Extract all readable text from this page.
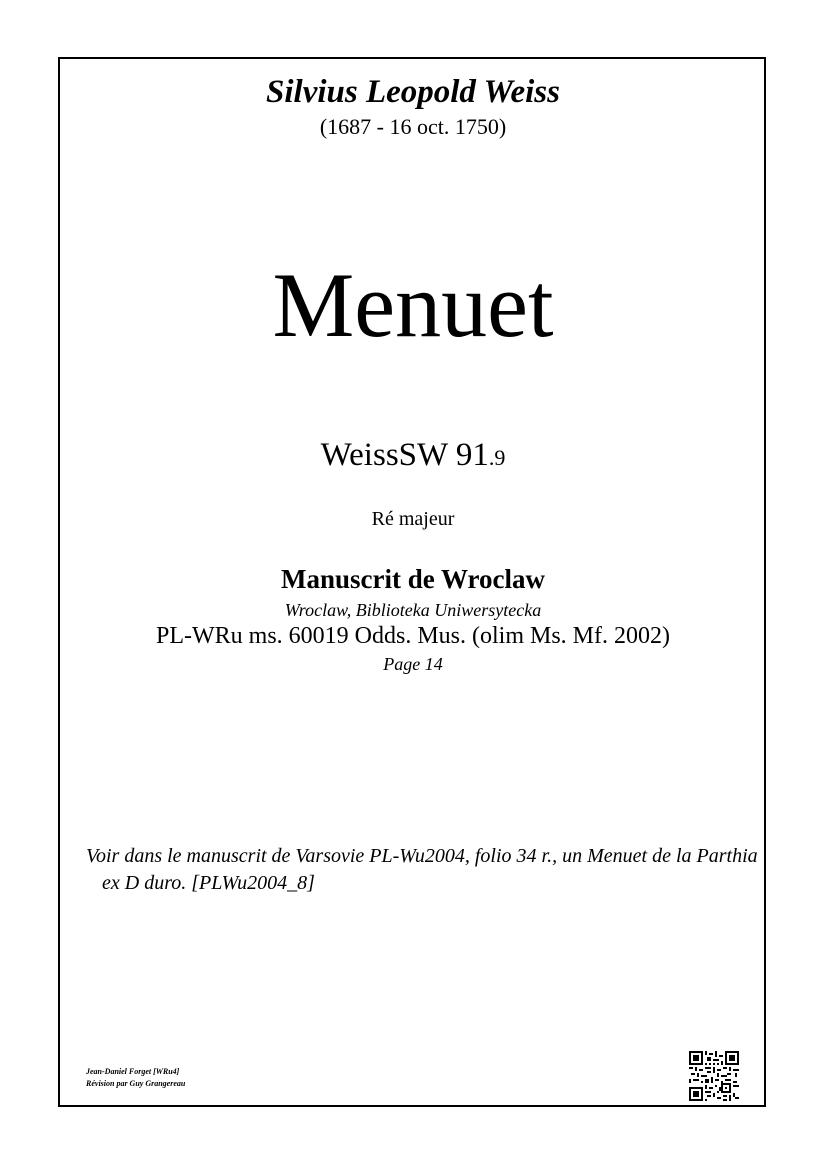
Silvius Leopold Weiss
(1687 - 16 oct. 1750)
Menuet
WeissSW 91.9
Ré majeur
Manuscrit de Wroclaw
Wroclaw, Biblioteka Uniwersytecka
PL-WRu ms. 60019 Odds. Mus. (olim Ms. Mf. 2002)
Page 14
Voir dans le manuscrit de Varsovie PL-Wu2004, folio 34 r., un Menuet de la Parthia ex D duro. [PLWu2004_8]
Jean-Daniel Forget [WRu4]
Révision par Guy Grangereau
